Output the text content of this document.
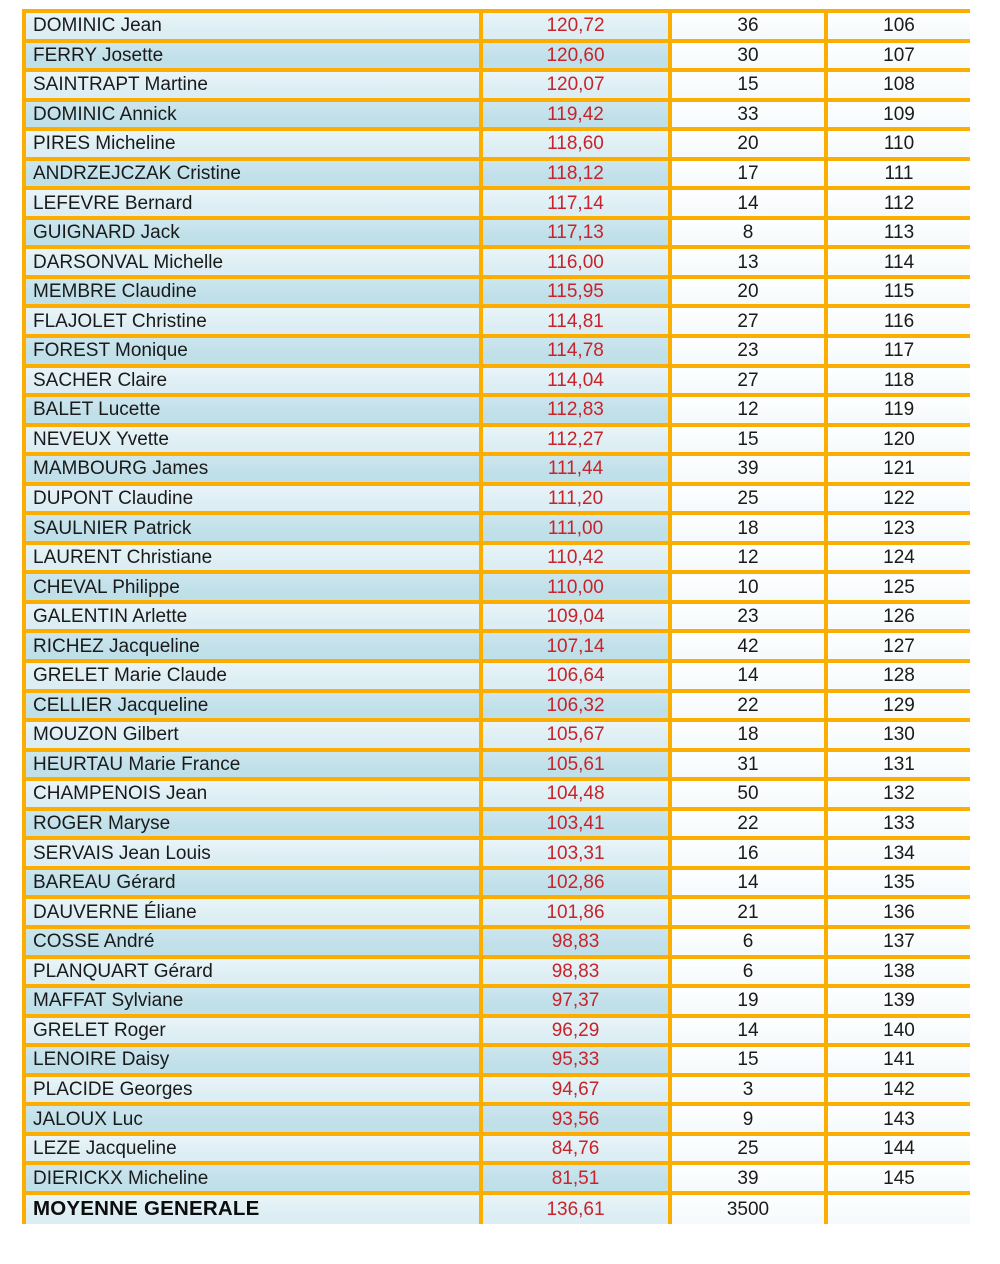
DOMINIC Jean	120,72	36	106
FERRY Josette	120,60	30	107
SAINTRAPT Martine	120,07	15	108
DOMINIC Annick	119,42	33	109
PIRES Micheline	118,60	20	110
ANDRZEJCZAK Cristine	118,12	17	111
LEFEVRE Bernard	117,14	14	112
GUIGNARD Jack	117,13	8	113
DARSONVAL Michelle	116,00	13	114
MEMBRE Claudine	115,95	20	115
FLAJOLET Christine	114,81	27	116
FOREST Monique	114,78	23	117
SACHER Claire	114,04	27	118
BALET Lucette	112,83	12	119
NEVEUX Yvette	112,27	15	120
MAMBOURG James	111,44	39	121
DUPONT Claudine	111,20	25	122
SAULNIER Patrick	111,00	18	123
LAURENT Christiane	110,42	12	124
CHEVAL Philippe	110,00	10	125
GALENTIN Arlette	109,04	23	126
RICHEZ Jacqueline	107,14	42	127
GRELET Marie Claude	106,64	14	128
CELLIER Jacqueline	106,32	22	129
MOUZON Gilbert	105,67	18	130
HEURTAU Marie France	105,61	31	131
CHAMPENOIS Jean	104,48	50	132
ROGER Maryse	103,41	22	133
SERVAIS Jean Louis	103,31	16	134
BAREAU Gérard	102,86	14	135
DAUVERNE Éliane	101,86	21	136
COSSE André	98,83	6	137
PLANQUART Gérard	98,83	6	138
MAFFAT Sylviane	97,37	19	139
GRELET Roger	96,29	14	140
LENOIRE Daisy	95,33	15	141
PLACIDE Georges	94,67	3	142
JALOUX Luc	93,56	9	143
LEZE Jacqueline	84,76	25	144
DIERICKX Micheline	81,51	39	145
MOYENNE GENERALE	136,61	3500
